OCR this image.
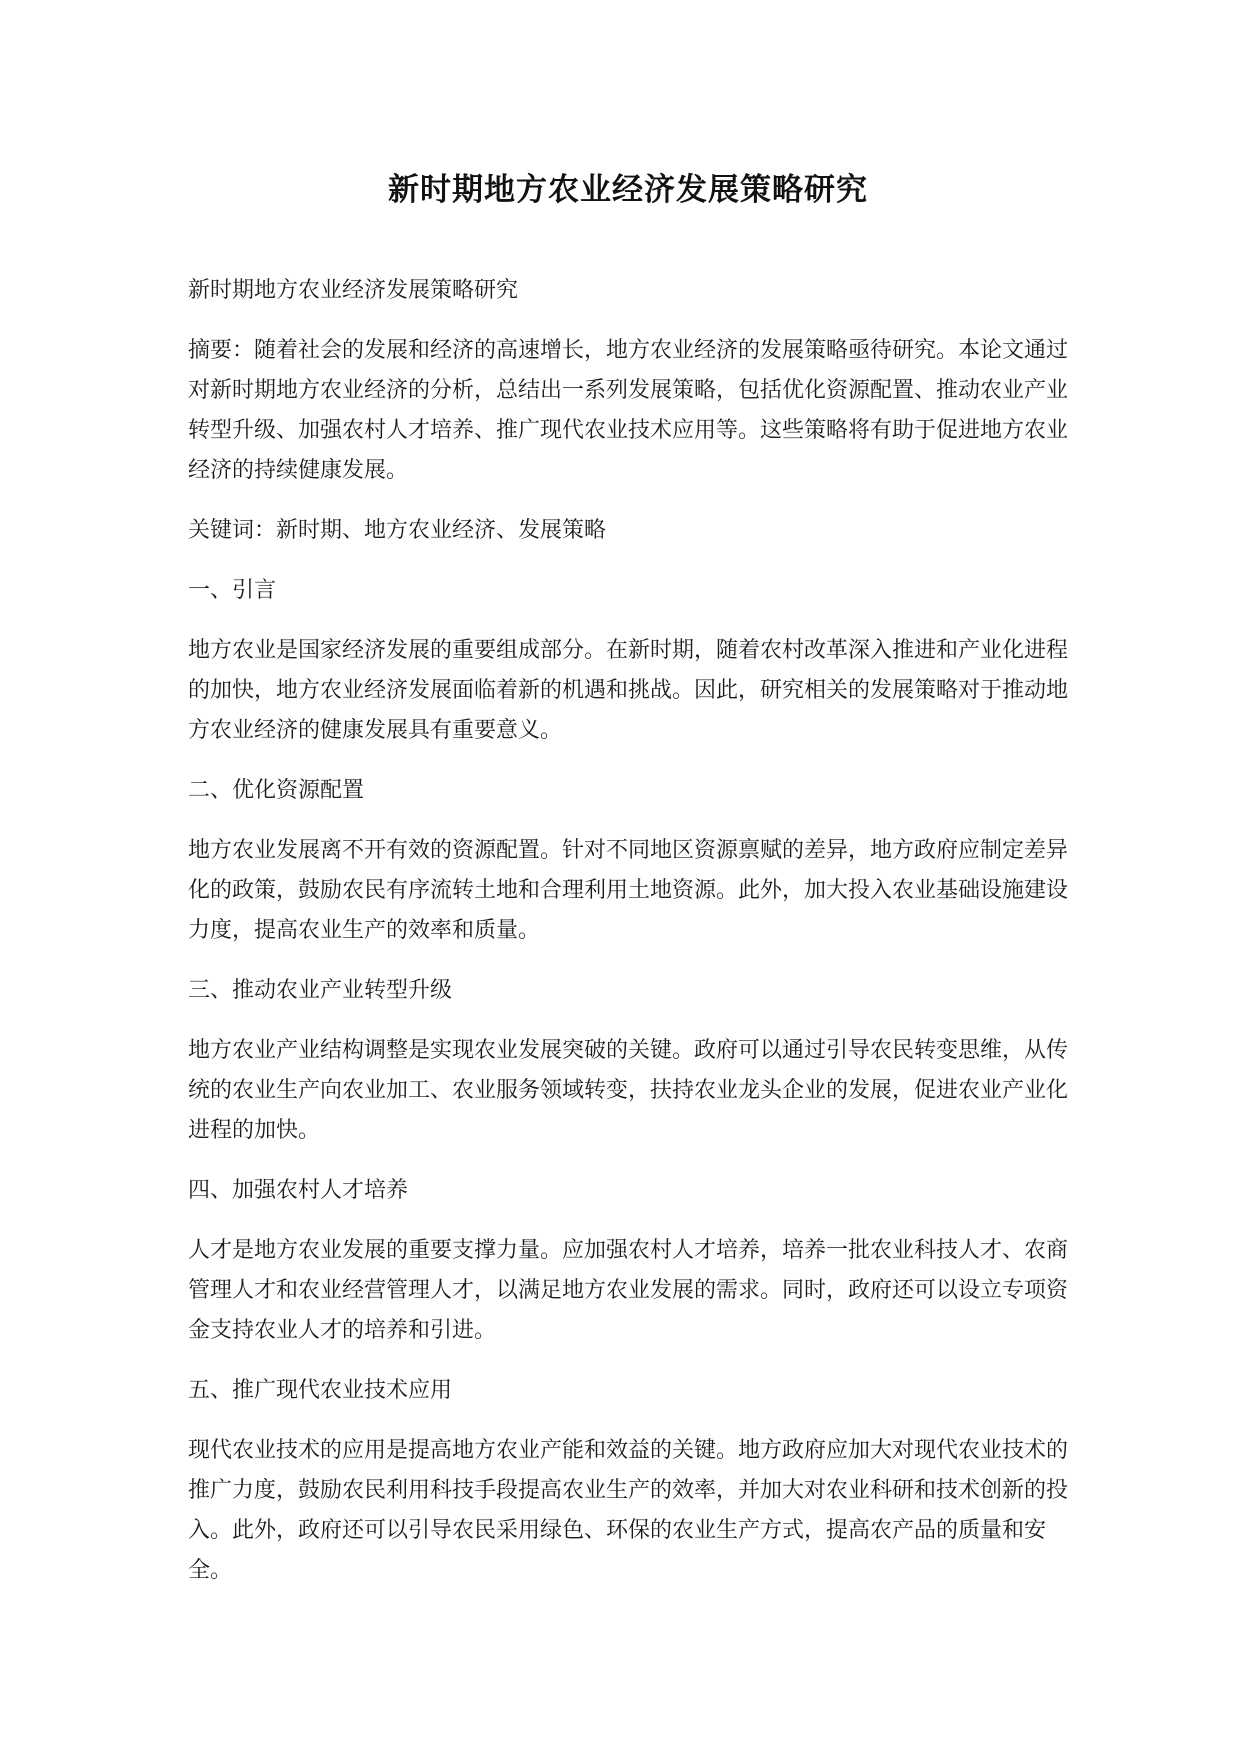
新时期地方农业经济发展策略研究

新时期地方农业经济发展策略研究

摘要：随着社会的发展和经济的高速增长，地方农业经济的发展策略亟待研究。本论文通过对新时期地方农业经济的分析，总结出一系列发展策略，包括优化资源配置、推动农业产业转型升级、加强农村人才培养、推广现代农业技术应用等。这些策略将有助于促进地方农业经济的持续健康发展。

关键词：新时期、地方农业经济、发展策略

一、引言

地方农业是国家经济发展的重要组成部分。在新时期，随着农村改革深入推进和产业化进程的加快，地方农业经济发展面临着新的机遇和挑战。因此，研究相关的发展策略对于推动地方农业经济的健康发展具有重要意义。

二、优化资源配置

地方农业发展离不开有效的资源配置。针对不同地区资源禀赋的差异，地方政府应制定差异化的政策，鼓励农民有序流转土地和合理利用土地资源。此外，加大投入农业基础设施建设力度，提高农业生产的效率和质量。

三、推动农业产业转型升级

地方农业产业结构调整是实现农业发展突破的关键。政府可以通过引导农民转变思维，从传统的农业生产向农业加工、农业服务领域转变，扶持农业龙头企业的发展，促进农业产业化进程的加快。

四、加强农村人才培养

人才是地方农业发展的重要支撑力量。应加强农村人才培养，培养一批农业科技人才、农商管理人才和农业经营管理人才，以满足地方农业发展的需求。同时，政府还可以设立专项资金支持农业人才的培养和引进。

五、推广现代农业技术应用

现代农业技术的应用是提高地方农业产能和效益的关键。地方政府应加大对现代农业技术的推广力度，鼓励农民利用科技手段提高农业生产的效率，并加大对农业科研和技术创新的投入。此外，政府还可以引导农民采用绿色、环保的农业生产方式，提高农产品的质量和安全。
